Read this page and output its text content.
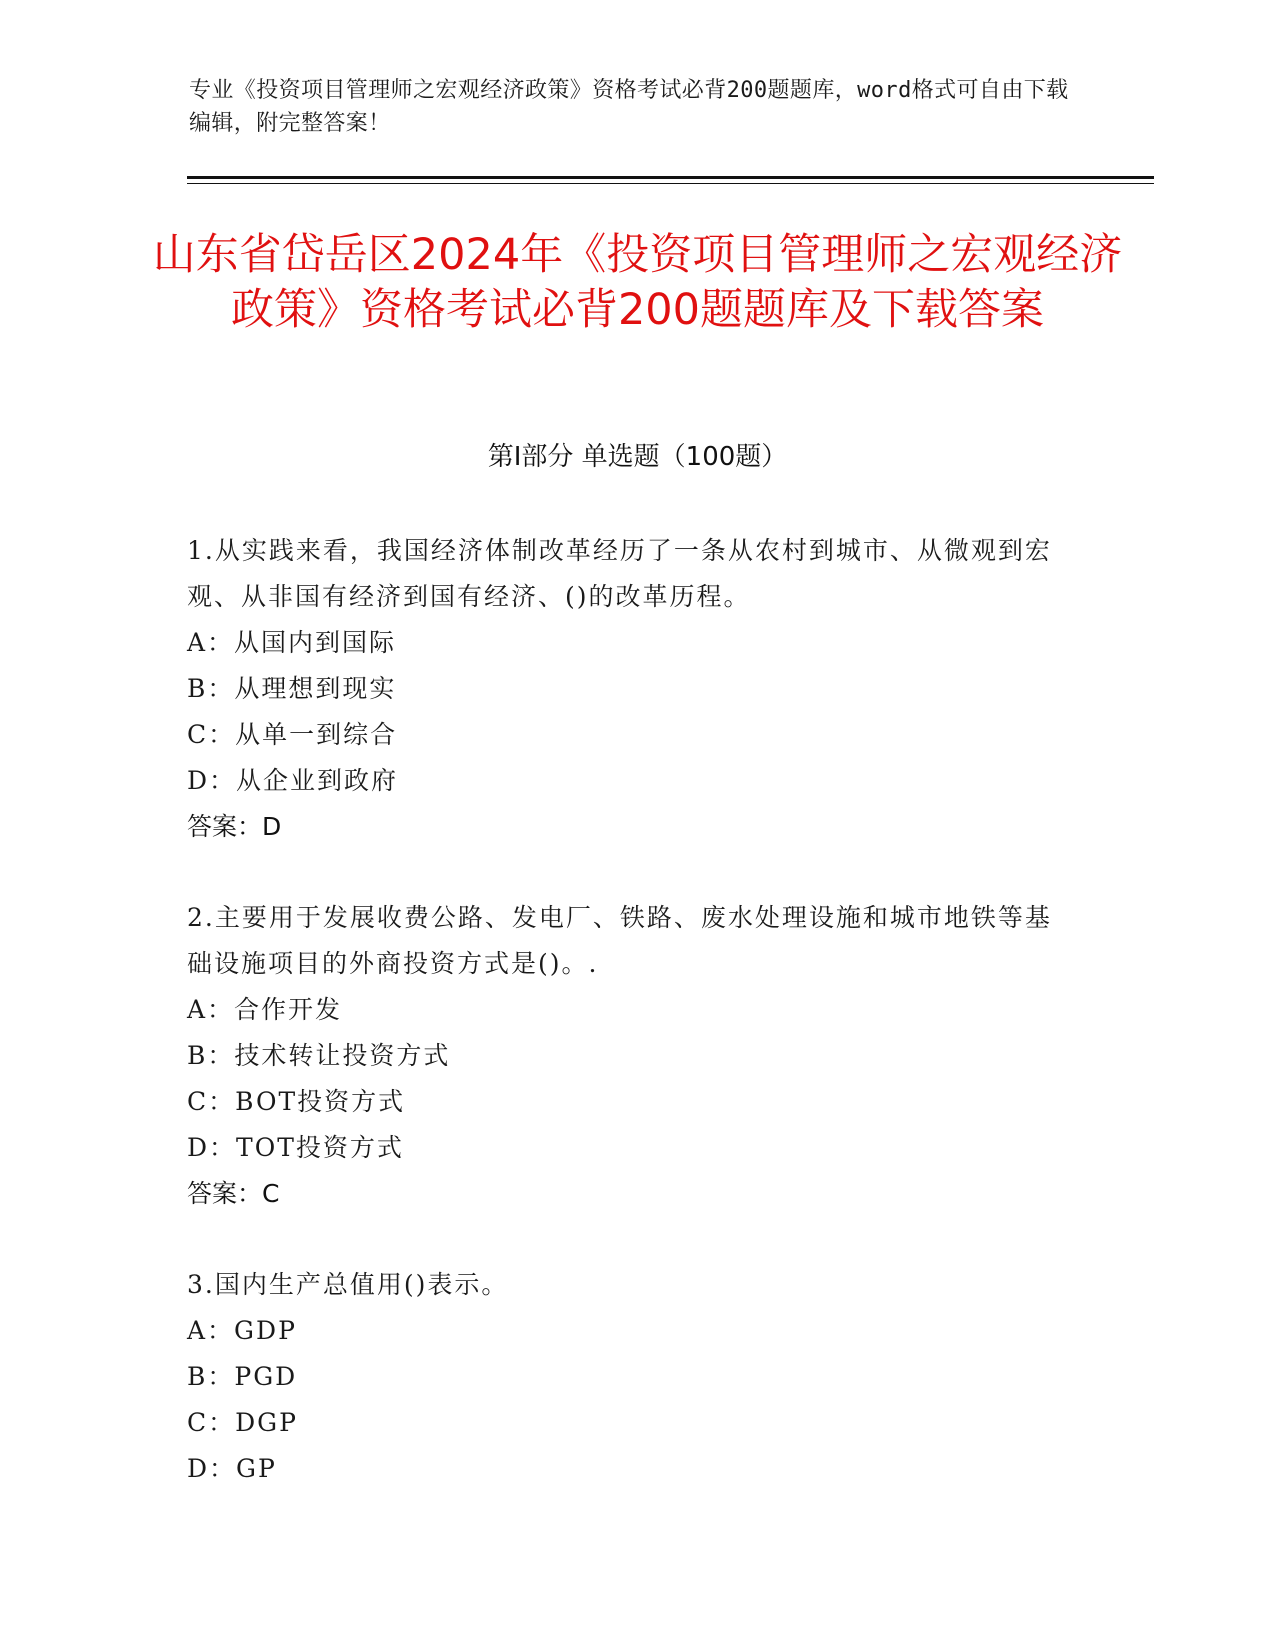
专业《投资项目管理师之宏观经济政策》资格考试必背200题题库，word格式可自由下载编辑，附完整答案！
山东省岱岳区2024年《投资项目管理师之宏观经济政策》资格考试必背200题题库及下载答案
第I部分 单选题（100题）
1.从实践来看，我国经济体制改革经历了一条从农村到城市、从微观到宏观、从非国有经济到国有经济、()的改革历程。
A：从国内到国际
B：从理想到现实
C：从单一到综合
D：从企业到政府
答案：D
2.主要用于发展收费公路、发电厂、铁路、废水处理设施和城市地铁等基础设施项目的外商投资方式是()。.
A：合作开发
B：技术转让投资方式
C：BOT投资方式
D：TOT投资方式
答案：C
3.国内生产总值用()表示。
A：GDP
B：PGD
C：DGP
D：GP
